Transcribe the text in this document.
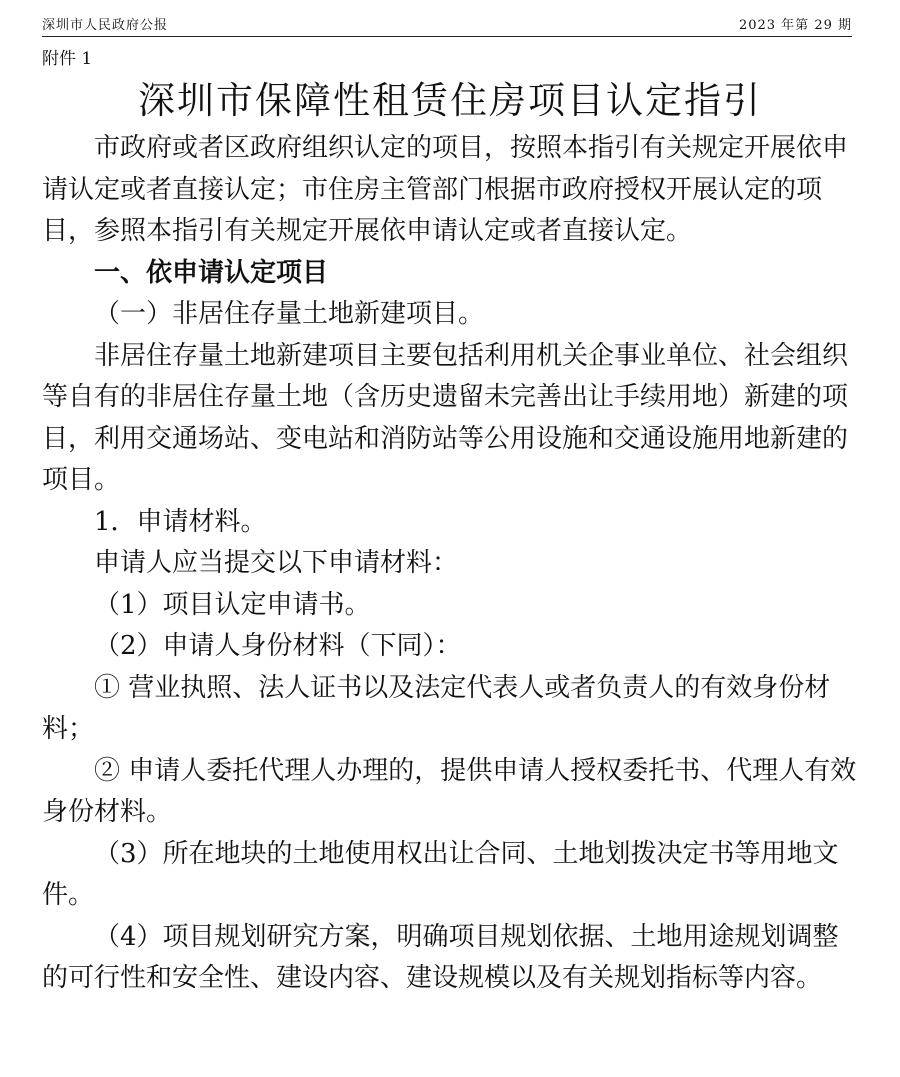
深圳市人民政府公报	2023 年第 29 期
附件 1
深圳市保障性租赁住房项目认定指引

市政府或者区政府组织认定的项目，按照本指引有关规定开展依申请认定或者直接认定；市住房主管部门根据市政府授权开展认定的项目，参照本指引有关规定开展依申请认定或者直接认定。

一、依申请认定项目

（一）非居住存量土地新建项目。

非居住存量土地新建项目主要包括利用机关企事业单位、社会组织等自有的非居住存量土地（含历史遗留未完善出让手续用地）新建的项目，利用交通场站、变电站和消防站等公用设施和交通设施用地新建的项目。

1．申请材料。

申请人应当提交以下申请材料：

（1）项目认定申请书。

（2）申请人身份材料（下同）：

① 营业执照、法人证书以及法定代表人或者负责人的有效身份材料；

② 申请人委托代理人办理的，提供申请人授权委托书、代理人有效身份材料。

（3）所在地块的土地使用权出让合同、土地划拨决定书等用地文件。

（4）项目规划研究方案，明确项目规划依据、土地用途规划调整的可行性和安全性、建设内容、建设规模以及有关规划指标等内容。
